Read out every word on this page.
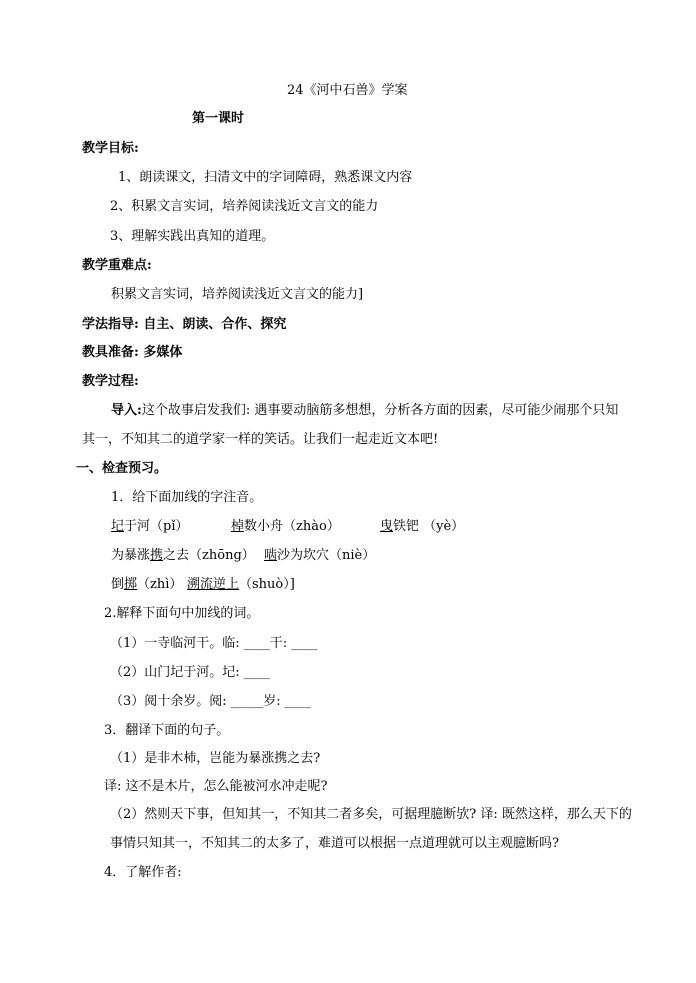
24《河中石兽》学案
第一课时
教学目标:
1、朗读课文，扫清文中的字词障碍，熟悉课文内容
2、积累文言实词，培养阅读浅近文言文的能力
3、理解实践出真知的道理。
教学重难点:
积累文言实词，培养阅读浅近文言文的能力]
学法指导: 自主、朗读、合作、探究
教具准备: 多媒体
教学过程:
导入:这个故事启发我们: 遇事要动脑筋多想想，分析各方面的因素，尽可能少闹那个只知
其一，不知其二的道学家一样的笑话。让我们一起走近文本吧!
一、检查预习。
1．给下面加线的字注音。
圮于河（pǐ）	棹数小舟（zhào）	曳铁钯 （yè）
为暴涨携之去（zhōng） 啮沙为坎穴（niè）
倒掷（zhì） 溯流逆上（shuò）]
2.解释下面句中加线的词。
（1）一寺临河干。临: ____干: ____
（2）山门圮于河。圮: ____
（3）阅十余岁。阅: _____岁: ____
3．翻译下面的句子。
（1）是非木杮，岂能为暴涨携之去?
译: 这不是木片，怎么能被河水冲走呢?
（2）然则天下事，但知其一，不知其二者多矣，可据理臆断欤? 译: 既然这样，那么天下的
事情只知其一，不知其二的太多了，难道可以根据一点道理就可以主观臆断吗?
4．了解作者:
